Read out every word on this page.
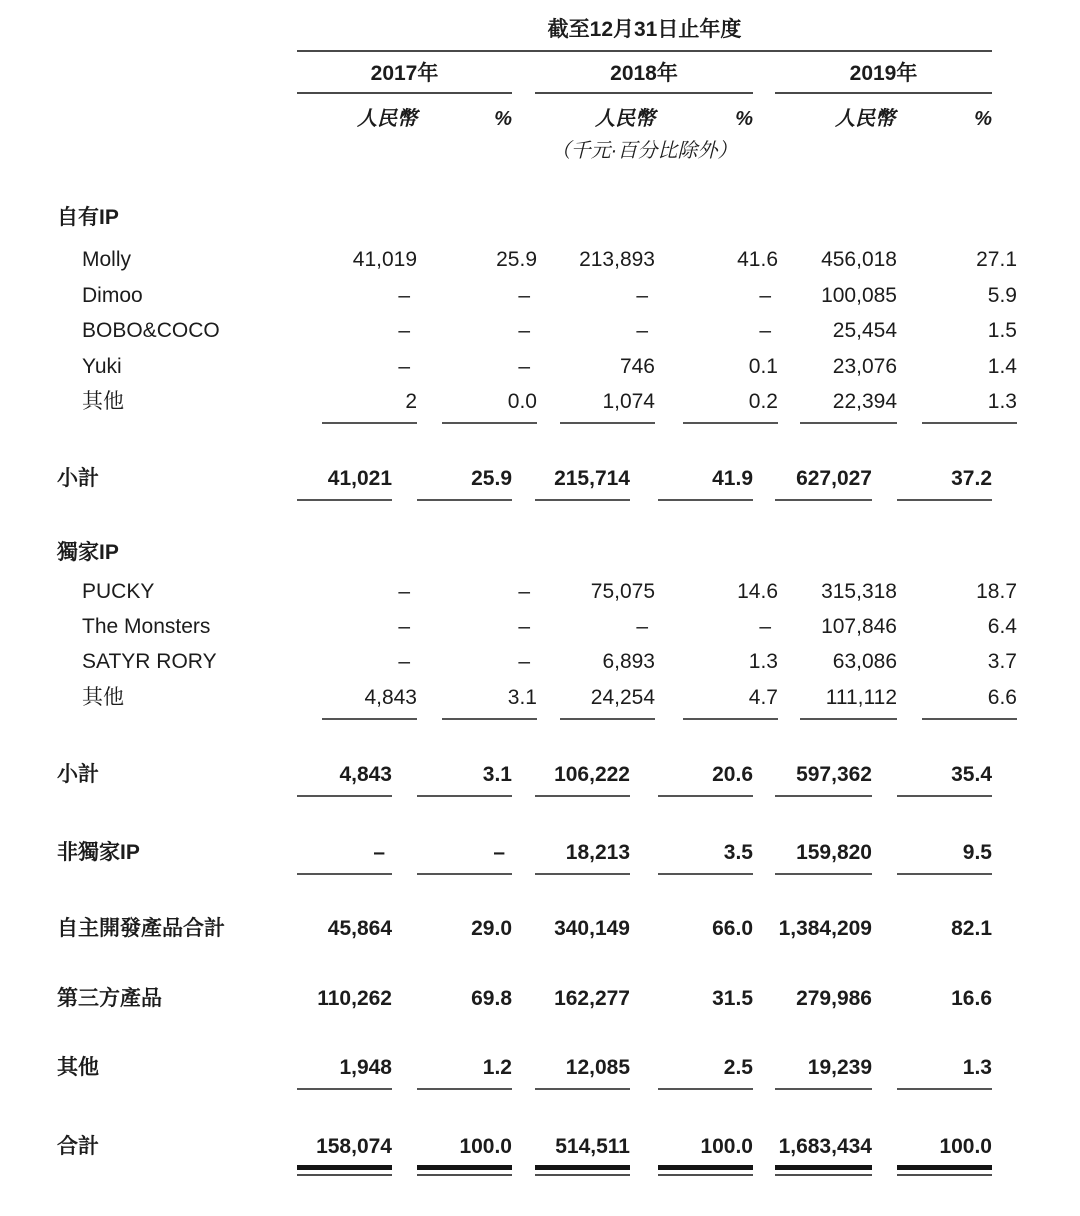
截至12月31日止年度
2017年	2018年	2019年
人民幣	%	人民幣	%	人民幣	%
（千元·百分比除外）
自有IP
Molly	41,019	25.9	213,893	41.6	456,018	27.1
Dimoo	–	–	–	–	100,085	5.9
BOBO&COCO	–	–	–	–	25,454	1.5
Yuki	–	–	746	0.1	23,076	1.4
其他	2	0.0	1,074	0.2	22,394	1.3
小計	41,021	25.9	215,714	41.9	627,027	37.2
獨家IP
PUCKY	–	–	75,075	14.6	315,318	18.7
The Monsters	–	–	–	–	107,846	6.4
SATYR RORY	–	–	6,893	1.3	63,086	3.7
其他	4,843	3.1	24,254	4.7	111,112	6.6
小計	4,843	3.1	106,222	20.6	597,362	35.4
非獨家IP	–	–	18,213	3.5	159,820	9.5
自主開發產品合計	45,864	29.0	340,149	66.0 1,384,209	82.1
第三方產品	110,262	69.8	162,277	31.5	279,986	16.6
其他	1,948	1.2	12,085	2.5	19,239	1.3
合計	158,074	100.0	514,511	100.0 1,683,434	100.0
